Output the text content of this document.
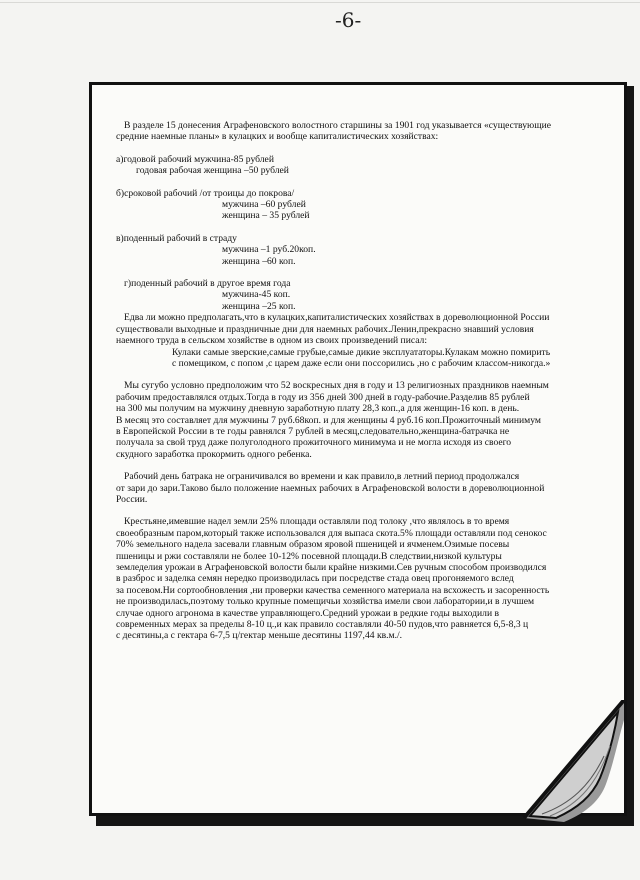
-6-
В разделе 15 донесения Аграфеновского волостного старшины за 1901 год указывается «существующие
средние наемные планы» в кулацких и вообще капиталистических хозяйствах:
а)годовой рабочий мужчина-85 рублей
годовая рабочая женщина –50 рублей
б)сроковой рабочий /от троицы до покрова/
мужчина –60 рублей
женщина – 35 рублей
в)поденный рабочий в страду
мужчина –1 руб.20коп.
женщина –60 коп.
г)поденный рабочий в другое время года
мужчина-45 коп.
женщина –25 коп.
Едва ли можно предполагать,что в кулацких,капиталистических хозяйствах в дореволюционной России
существовали выходные и праздничные дни для наемных рабочих.Ленин,прекрасно знавший условия
наемного труда в сельском хозяйстве в одном из своих произведений писал:
Кулаки самые зверские,самые грубые,самые дикие эксплуататоры.Кулакам можно помирить
с помещиком, с попом ,с царем даже если они поссорились ,но с рабочим классом-никогда.»
Мы сугубо условно предположим что 52 воскресных дня в году и 13 религиозных праздников наемным
рабочим предоставлялся отдых.Тогда в году из 356 дней 300 дней в году-рабочие.Разделив 85 рублей
на 300 мы получим на мужчину дневную заработную плату 28,3 коп.,а для женщин-16 коп. в день.
В месяц это составляет для мужчины 7 руб.68коп. и для женщины 4 руб.16 коп.Прожиточный минимум
в Европейской России в те годы равнялся 7 рублей в месяц,следовательно,женщина-батрачка не
получала за свой труд даже полуголодного прожиточного минимума и не могла исходя из своего
скудного заработка прокормить одного ребенка.
Рабочий день батрака не ограничивался во времени и как правило,в летний период продолжался
от зари до зари.Таково было положение наемных рабочих в Аграфеновской волости в дореволюционной
России.
Крестьяне,имевшие надел земли 25% площади оставляли под толоку ,что являлось в то время
своеобразным паром,который также использовался для выпаса скота.5% площади оставляли под сенокос
70% земельного надела засевали главным образом яровой пшеницей и ячменем.Озимые посевы
пшеницы и ржи составляли не более 10-12% посевной площади.В следствии,низкой культуры
земледелия урожаи в Аграфеновской волости были крайне низкими.Сев ручным способом производился
в разброс и заделка семян нередко производилась при посредстве стада овец прогоняемого вслед
за посевом.Ни сортообновления ,ни проверки качества семенного материала на всхожесть и засоренность
не производилась,поэтому только крупные помещичьи хозяйства имели свои лаборатории,и в лучшем
случае одного агронома в качестве управляющего.Средний урожаи в редкие годы выходили в
современных мерах за пределы 8-10 ц.,и как правило составляли 40-50 пудов,что равняется 6,5-8,3 ц
с десятины,а с гектара 6-7,5 ц/гектар меньше десятины 1197,44 кв.м./.
